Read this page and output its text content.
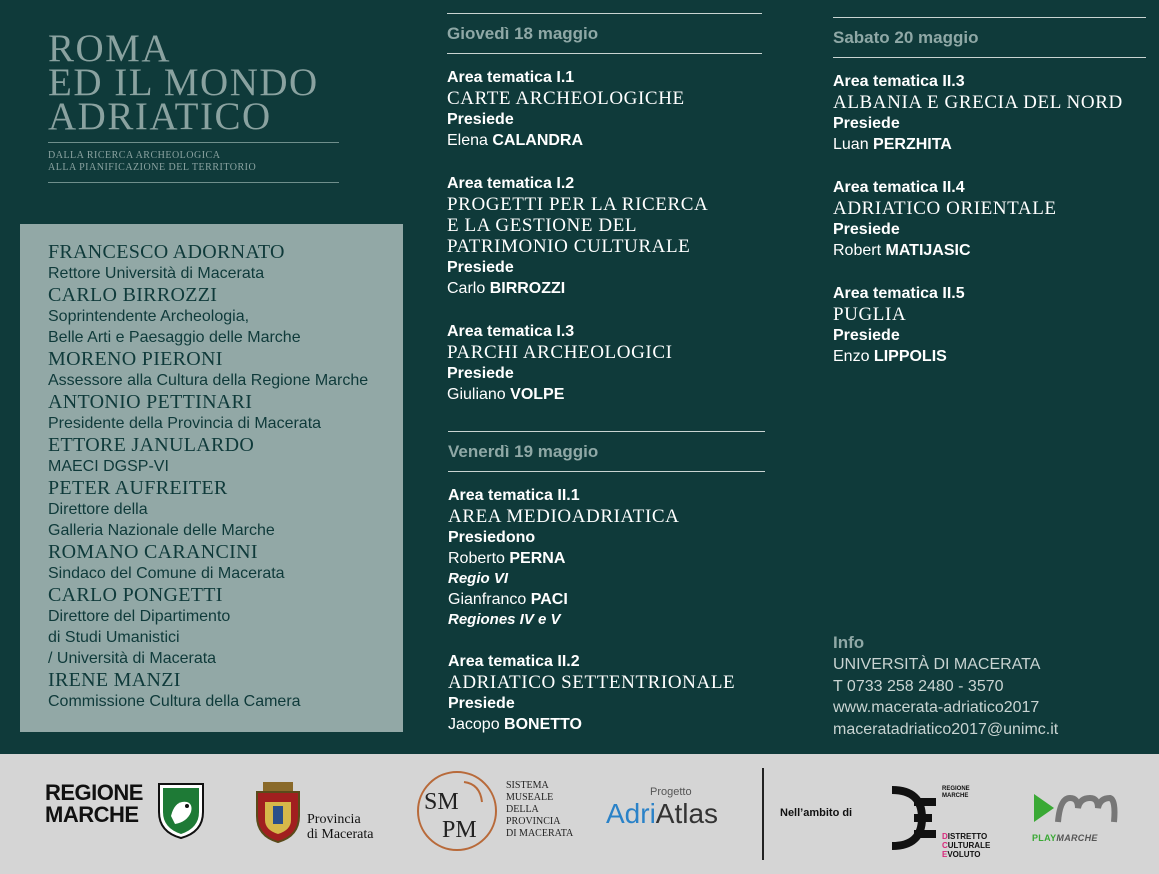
ROMA
ED IL MONDO
ADRIATICO
DALLA RICERCA ARCHEOLOGICA
ALLA PIANIFICAZIONE DEL TERRITORIO
FRANCESCO ADORNATO
Rettore Università di Macerata
CARLO BIRROZZI
Soprintendente Archeologia,
Belle Arti e Paesaggio delle Marche
MORENO PIERONI
Assessore alla Cultura della Regione Marche
ANTONIO PETTINARI
Presidente della Provincia di Macerata
ETTORE JANULARDO
MAECI DGSP-VI
PETER AUFREITER
Direttore della
Galleria Nazionale delle Marche
ROMANO CARANCINI
Sindaco del Comune di Macerata
CARLO PONGETTI
Direttore del Dipartimento
di Studi Umanistici
/ Università di Macerata
IRENE MANZI
Commissione Cultura della Camera
Giovedì 18 maggio
Area tematica I.1
CARTE ARCHEOLOGICHE
Presiede
Elena CALANDRA
Area tematica I.2
PROGETTI PER LA RICERCA
E LA GESTIONE DEL
PATRIMONIO CULTURALE
Presiede
Carlo BIRROZZI
Area tematica I.3
PARCHI ARCHEOLOGICI
Presiede
Giuliano VOLPE
Venerdì 19 maggio
Area tematica II.1
AREA MEDIOADRIATICA
Presiedono
Roberto PERNA
Regio VI
Gianfranco PACI
Regiones IV e V
Area tematica II.2
ADRIATICO SETTENTRIONALE
Presiede
Jacopo BONETTO
Sabato 20 maggio
Area tematica II.3
ALBANIA E GRECIA DEL NORD
Presiede
Luan PERZHITA
Area tematica II.4
ADRIATICO ORIENTALE
Presiede
Robert MATIJASIC
Area tematica II.5
PUGLIA
Presiede
Enzo LIPPOLIS
Info
UNIVERSITÀ DI MACERATA
T 0733 258 2480 - 3570
www.macerata-adriatico2017
maceratadriatico2017@unimc.it
REGIONE
MARCHE	Provincia
di Macerata
SM
PM
SISTEMA
MUSEALE
DELLA
PROVINCIA
DI MACERATA
Progetto
AdriAtlas	Nell’ambito di
REGIONE
MARCHE
DISTRETTO
CULTURALE
EVOLUTO
PLAYMARCHE
